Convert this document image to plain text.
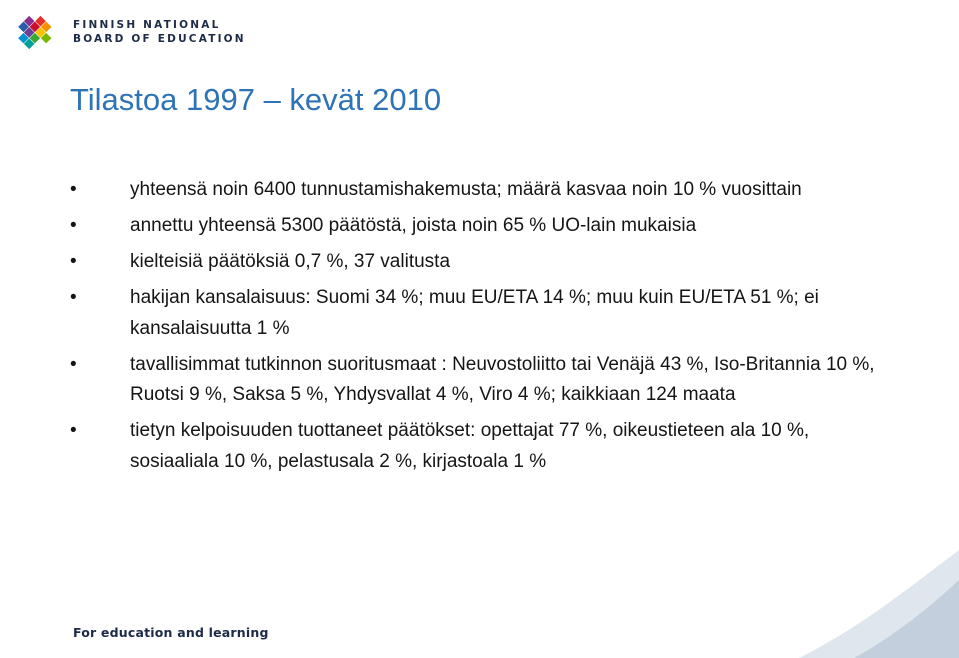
FINNISH NATIONAL
BOARD OF EDUCATION
Tilastoa 1997 – kevät 2010
•	yhteensä noin 6400 tunnustamishakemusta; määrä kasvaa noin 10 % vuosittain
•	annettu yhteensä 5300 päätöstä, joista noin 65 % UO-lain mukaisia
•	kielteisiä päätöksiä 0,7 %, 37 valitusta
•	hakijan kansalaisuus: Suomi 34 %; muu EU/ETA 14 %; muu kuin EU/ETA 51 %; ei kansalaisuutta 1 %
•	tavallisimmat tutkinnon suoritusmaat : Neuvostoliitto tai Venäjä 43 %, Iso-Britannia 10 %, Ruotsi 9 %, Saksa 5 %, Yhdysvallat 4 %, Viro 4 %; kaikkiaan 124 maata
•	tietyn kelpoisuuden tuottaneet päätökset: opettajat 77 %, oikeustieteen ala 10 %, sosiaaliala 10 %, pelastusala 2 %, kirjastoala 1 %
For education and learning
